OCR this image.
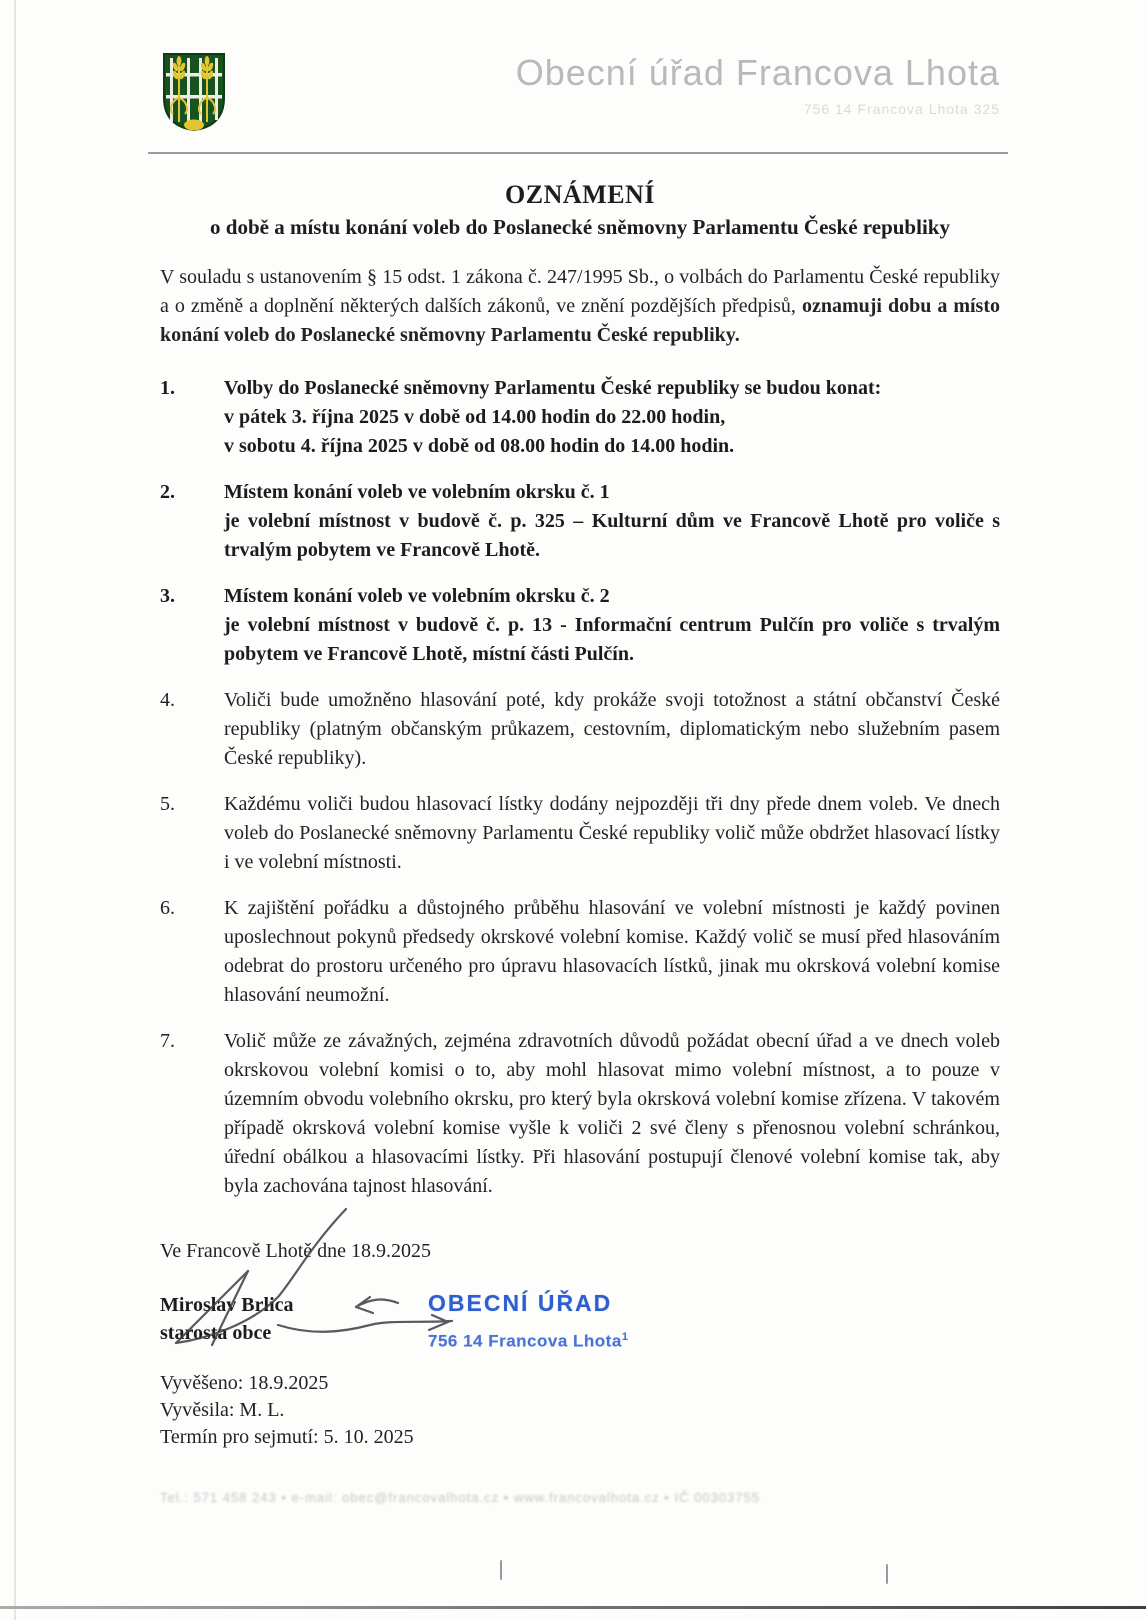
Obecní úřad Francova Lhota
756 14 Francova Lhota 325
OZNÁMENÍ
o době a místu konání voleb do Poslanecké sněmovny Parlamentu České republiky

V souladu s ustanovením § 15 odst. 1 zákona č. 247/1995 Sb., o volbách do Parlamentu České republiky a o změně a doplnění některých dalších zákonů, ve znění pozdějších předpisů, oznamuji dobu a místo konání voleb do Poslanecké sněmovny Parlamentu České republiky.

1.	Volby do Poslanecké sněmovny Parlamentu České republiky se budou konat:
v pátek 3. října 2025 v době od 14.00 hodin do 22.00 hodin,
v sobotu 4. října 2025 v době od 08.00 hodin do 14.00 hodin.
2.	Místem konání voleb ve volebním okrsku č. 1
je volební místnost v budově č. p. 325 – Kulturní dům ve Francově Lhotě pro voliče s trvalým pobytem ve Francově Lhotě.
3.	Místem konání voleb ve volebním okrsku č. 2
je volební místnost v budově č. p. 13 - Informační centrum Pulčín pro voliče s trvalým pobytem ve Francově Lhotě, místní části Pulčín.
4.	Voliči bude umožněno hlasování poté, kdy prokáže svoji totožnost a státní občanství České republiky (platným občanským průkazem, cestovním, diplomatickým nebo služebním pasem České republiky).
5.	Každému voliči budou hlasovací lístky dodány nejpozději tři dny přede dnem voleb. Ve dnech voleb do Poslanecké sněmovny Parlamentu České republiky volič může obdržet hlasovací lístky i ve volební místnosti.
6.	K zajištění pořádku a důstojného průběhu hlasování ve volební místnosti je každý povinen uposlechnout pokynů předsedy okrskové volební komise. Každý volič se musí před hlasováním odebrat do prostoru určeného pro úpravu hlasovacích lístků, jinak mu okrsková volební komise hlasování neumožní.
7.	Volič může ze závažných, zejména zdravotních důvodů požádat obecní úřad a ve dnech voleb okrskovou volební komisi o to, aby mohl hlasovat mimo volební místnost, a to pouze v územním obvodu volebního okrsku, pro který byla okrsková volební komise zřízena. V takovém případě okrsková volební komise vyšle k voliči 2 své členy s přenosnou volební schránkou, úřední obálkou a hlasovacími lístky. Při hlasování postupují členové volební komise tak, aby byla zachována tajnost hlasování.
Ve Francově Lhotě dne 18.9.2025
Miroslav Brlica
starosta obce
OBECNÍ ÚŘAD
756 14 Francova Lhota$^1$
Vyvěšeno: 18.9.2025
Vyvěsila: M. L.
Termín pro sejmutí: 5. 10. 2025
Tel.: 571 458 243 • e-mail: obec@francovalhota.cz • www.francovalhota.cz • IČ 00303755
